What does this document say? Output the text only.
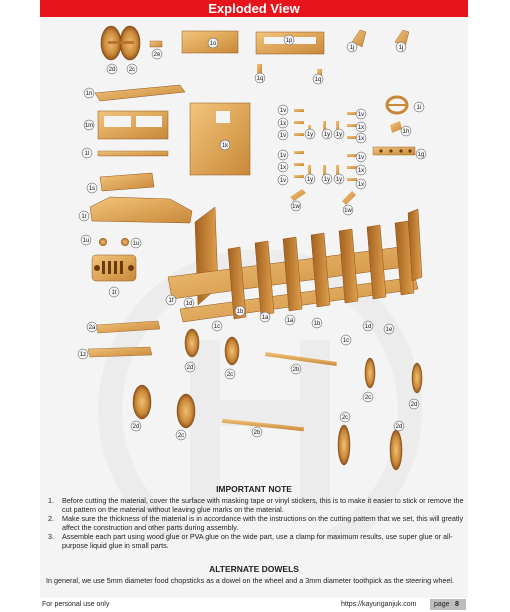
Exploded View
2d 2c
2e
1o	1p
1j	1j
1q	1q
1n
1m
1k
1i
1h
1g
1l
1v
1x
1v
1v
1x
1v
1y 1y 1y
1y 1y 1y
1v
1x
1x
1v
1x
1x
1w
1w
1s
1r
1u	1u
1t
1f 1d
1c
1b
1a	1a	1b
1c
1d 1e
2a
1z
2d
2c
2b
2c
2d
2d
2c	2b
2c
2d
IMPORTANT NOTE
1. Before cutting the material, cover the surface with masking tape or vinyl stickers, this is to make it easier to stick or remove the cut pattern on the material without leaving glue marks on the material.
2. Make sure the thickness of the material is in accordance with the instructions on the cutting pattern that we set, this will greatly affect the construction and other parts during assembly.
3. Assemble each part using wood glue or PVA glue on the wide part, use a clamp for maximum results, use super glue or all-purpose liquid glue in small parts.
ALTERNATE DOWELS
In general, we use 5mm diameter food chopsticks as a dowel on the wheel and a 3mm diameter toothpick as the steering wheel.
For personal use only	https://kayunganjuk.com	page 8
